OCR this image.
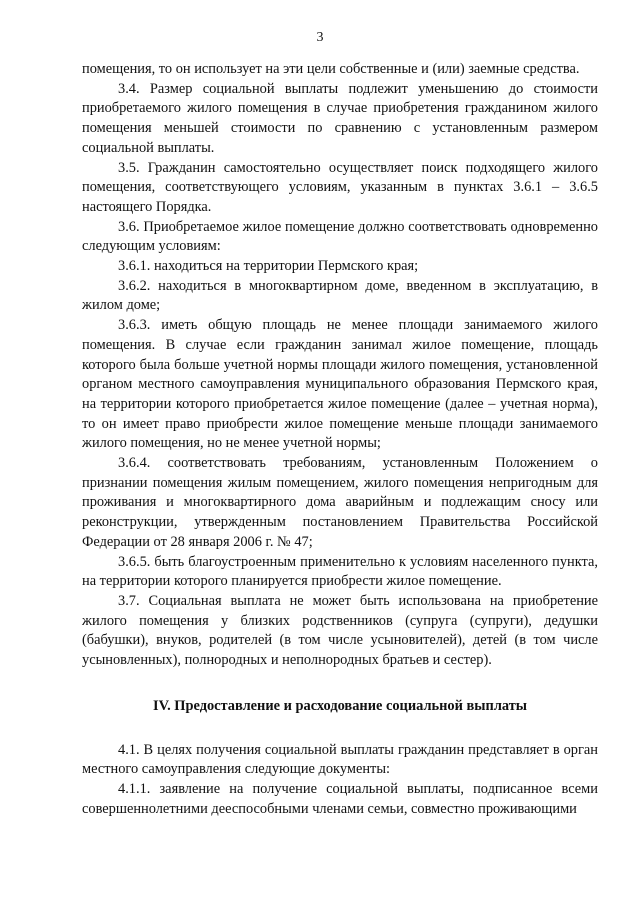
3

помещения, то он использует на эти цели собственные и (или) заемные средства.

3.4. Размер социальной выплаты подлежит уменьшению до стоимости приобретаемого жилого помещения в случае приобретения гражданином жилого помещения меньшей стоимости по сравнению с установленным размером социальной выплаты.

3.5. Гражданин самостоятельно осуществляет поиск подходящего жилого помещения, соответствующего условиям, указанным в пунктах 3.6.1 – 3.6.5 настоящего Порядка.

3.6. Приобретаемое жилое помещение должно соответствовать одновременно следующим условиям:

3.6.1. находиться на территории Пермского края;

3.6.2. находиться в многоквартирном доме, введенном в эксплуатацию, в жилом доме;

3.6.3. иметь общую площадь не менее площади занимаемого жилого помещения. В случае если гражданин занимал жилое помещение, площадь которого была больше учетной нормы площади жилого помещения, установленной органом местного самоуправления муниципального образования Пермского края, на территории которого приобретается жилое помещение (далее – учетная норма), то он имеет право приобрести жилое помещение меньше площади занимаемого жилого помещения, но не менее учетной нормы;

3.6.4. соответствовать требованиям, установленным Положением о признании помещения жилым помещением, жилого помещения непригодным для проживания и многоквартирного дома аварийным и подлежащим сносу или реконструкции, утвержденным постановлением Правительства Российской Федерации от 28 января 2006 г. № 47;

3.6.5. быть благоустроенным применительно к условиям населенного пункта, на территории которого планируется приобрести жилое помещение.

3.7. Социальная выплата не может быть использована на приобретение жилого помещения у близких родственников (супруга (супруги), дедушки (бабушки), внуков, родителей (в том числе усыновителей), детей (в том числе усыновленных), полнородных и неполнородных братьев и сестер).

IV. Предоставление и расходование социальной выплаты

4.1. В целях получения социальной выплаты гражданин представляет в орган местного самоуправления следующие документы:

4.1.1. заявление на получение социальной выплаты, подписанное всеми совершеннолетними дееспособными членами семьи, совместно проживающими
